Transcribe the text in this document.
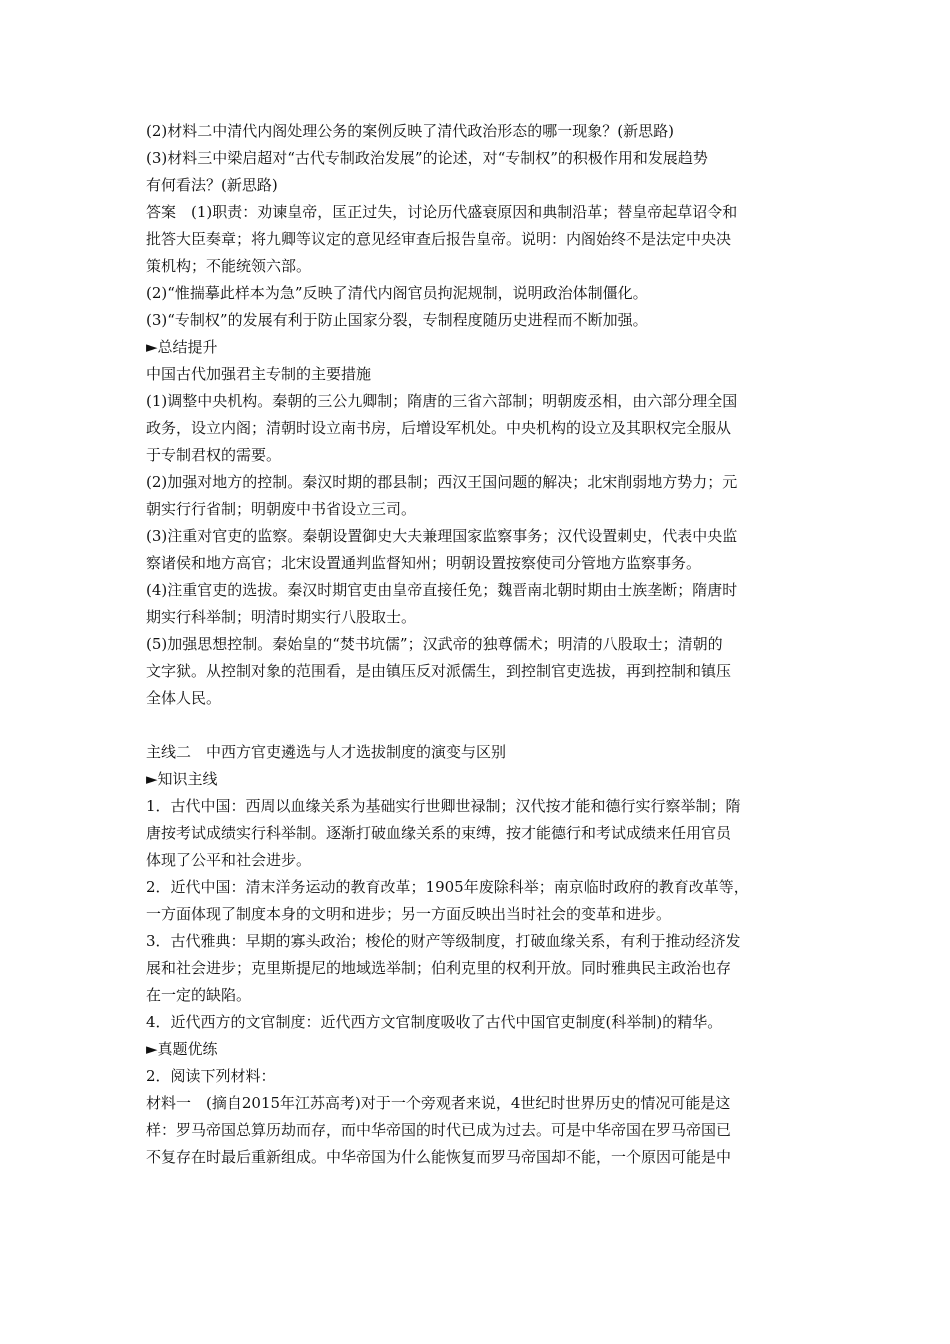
(2)材料二中清代内阁处理公务的案例反映了清代政治形态的哪一现象？(新思路)

(3)材料三中梁启超对“古代专制政治发展”的论述，对“专制权”的积极作用和发展趋势

有何看法？(新思路)

答案　(1)职责：劝谏皇帝，匡正过失，讨论历代盛衰原因和典制沿革；替皇帝起草诏令和

批答大臣奏章；将九卿等议定的意见经审查后报告皇帝。说明：内阁始终不是法定中央决

策机构；不能统领六部。

(2)“惟揣摹此样本为急”反映了清代内阁官员拘泥规制，说明政治体制僵化。

(3)“专制权”的发展有利于防止国家分裂，专制程度随历史进程而不断加强。

►总结提升

中国古代加强君主专制的主要措施

(1)调整中央机构。秦朝的三公九卿制；隋唐的三省六部制；明朝废丞相，由六部分理全国

政务，设立内阁；清朝时设立南书房，后增设军机处。中央机构的设立及其职权完全服从

于专制君权的需要。

(2)加强对地方的控制。秦汉时期的郡县制；西汉王国问题的解决；北宋削弱地方势力；元

朝实行行省制；明朝废中书省设立三司。

(3)注重对官吏的监察。秦朝设置御史大夫兼理国家监察事务；汉代设置刺史，代表中央监

察诸侯和地方高官；北宋设置通判监督知州；明朝设置按察使司分管地方监察事务。

(4)注重官吏的选拔。秦汉时期官吏由皇帝直接任免；魏晋南北朝时期由士族垄断；隋唐时

期实行科举制；明清时期实行八股取士。

(5)加强思想控制。秦始皇的“焚书坑儒”；汉武帝的独尊儒术；明清的八股取士；清朝的

文字狱。从控制对象的范围看，是由镇压反对派儒生，到控制官吏选拔，再到控制和镇压

全体人民。

主线二　中西方官吏遴选与人才选拔制度的演变与区别

►知识主线

1．古代中国：西周以血缘关系为基础实行世卿世禄制；汉代按才能和德行实行察举制；隋

唐按考试成绩实行科举制。逐渐打破血缘关系的束缚，按才能德行和考试成绩来任用官员

体现了公平和社会进步。

2．近代中国：清末洋务运动的教育改革；1905年废除科举；南京临时政府的教育改革等，

一方面体现了制度本身的文明和进步；另一方面反映出当时社会的变革和进步。

3．古代雅典：早期的寡头政治；梭伦的财产等级制度，打破血缘关系，有利于推动经济发

展和社会进步；克里斯提尼的地域选举制；伯利克里的权利开放。同时雅典民主政治也存

在一定的缺陷。

4．近代西方的文官制度：近代西方文官制度吸收了古代中国官吏制度(科举制)的精华。

►真题优练

2．阅读下列材料：

材料一　(摘自2015年江苏高考)对于一个旁观者来说，4世纪时世界历史的情况可能是这

样：罗马帝国总算历劫而存，而中华帝国的时代已成为过去。可是中华帝国在罗马帝国已

不复存在时最后重新组成。中华帝国为什么能恢复而罗马帝国却不能，一个原因可能是中
